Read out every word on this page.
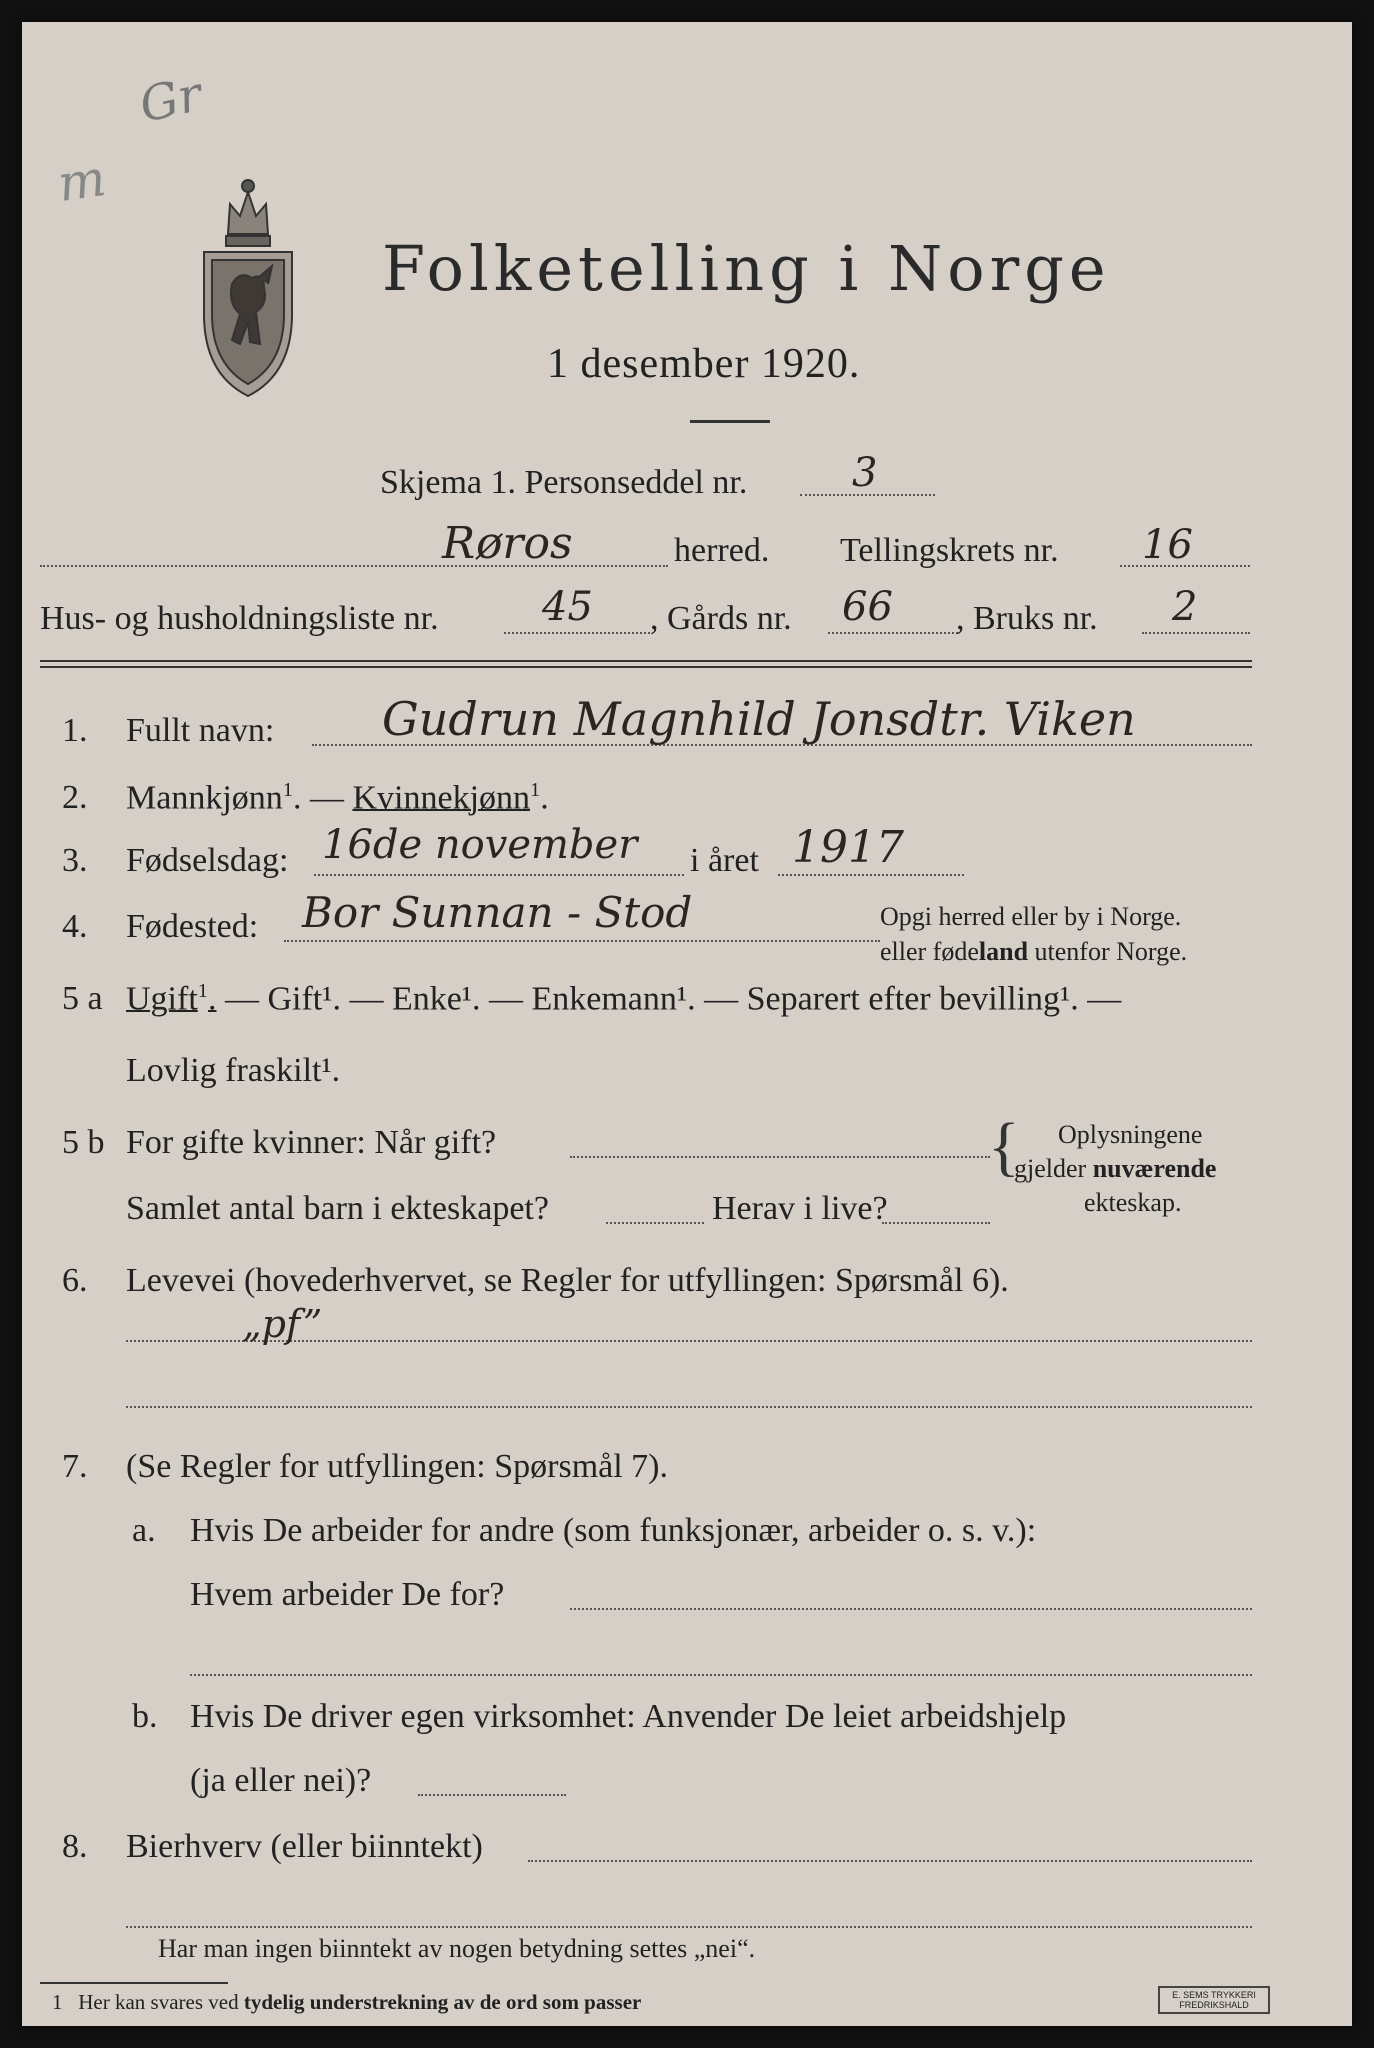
Gr
m
Folketelling i Norge
1 desember 1920.
Skjema 1. Personseddel nr.	3
Røros	herred. Tellingskrets nr. 16
Hus- og husholdningsliste nr.	45 , Gårds nr. 66 , Bruks nr. 2
1. Fullt navn: Gudrun Magnhild Jonsdtr. Viken
2. Mannkjønn$^1$. — Kvinnekjønn$^1$.
3. Fødselsdag: 16de november i året 1917
4. Fødested: Bor Sunnan - Stod	Opgi herred eller by i Norge.
eller fødeland utenfor Norge.
5 a Ugift$^1$. — Gift¹. — Enke¹. — Enkemann¹. — Separert efter bevilling¹. —
Lovlig fraskilt¹.
5 b For gifte kvinner: Når gift?
Samlet antal barn i ekteskapet?	Herav i live?
{ Oplysningene
gjelder nuværende
ekteskap.
6. Levevei (hovederhvervet, se Regler for utfyllingen: Spørsmål 6).
„pf”
7. (Se Regler for utfyllingen: Spørsmål 7).
a. Hvis De arbeider for andre (som funksjonær, arbeider o. s. v.):
Hvem arbeider De for?
b. Hvis De driver egen virksomhet: Anvender De leiet arbeidshjelp
(ja eller nei)?
8. Bierhverv (eller biinntekt)
Har man ingen biinntekt av nogen betydning settes „nei“.
1 Her kan svares ved tydelig understrekning av de ord som passer	E. SEMS TRYKKERI
FREDRIKSHALD
